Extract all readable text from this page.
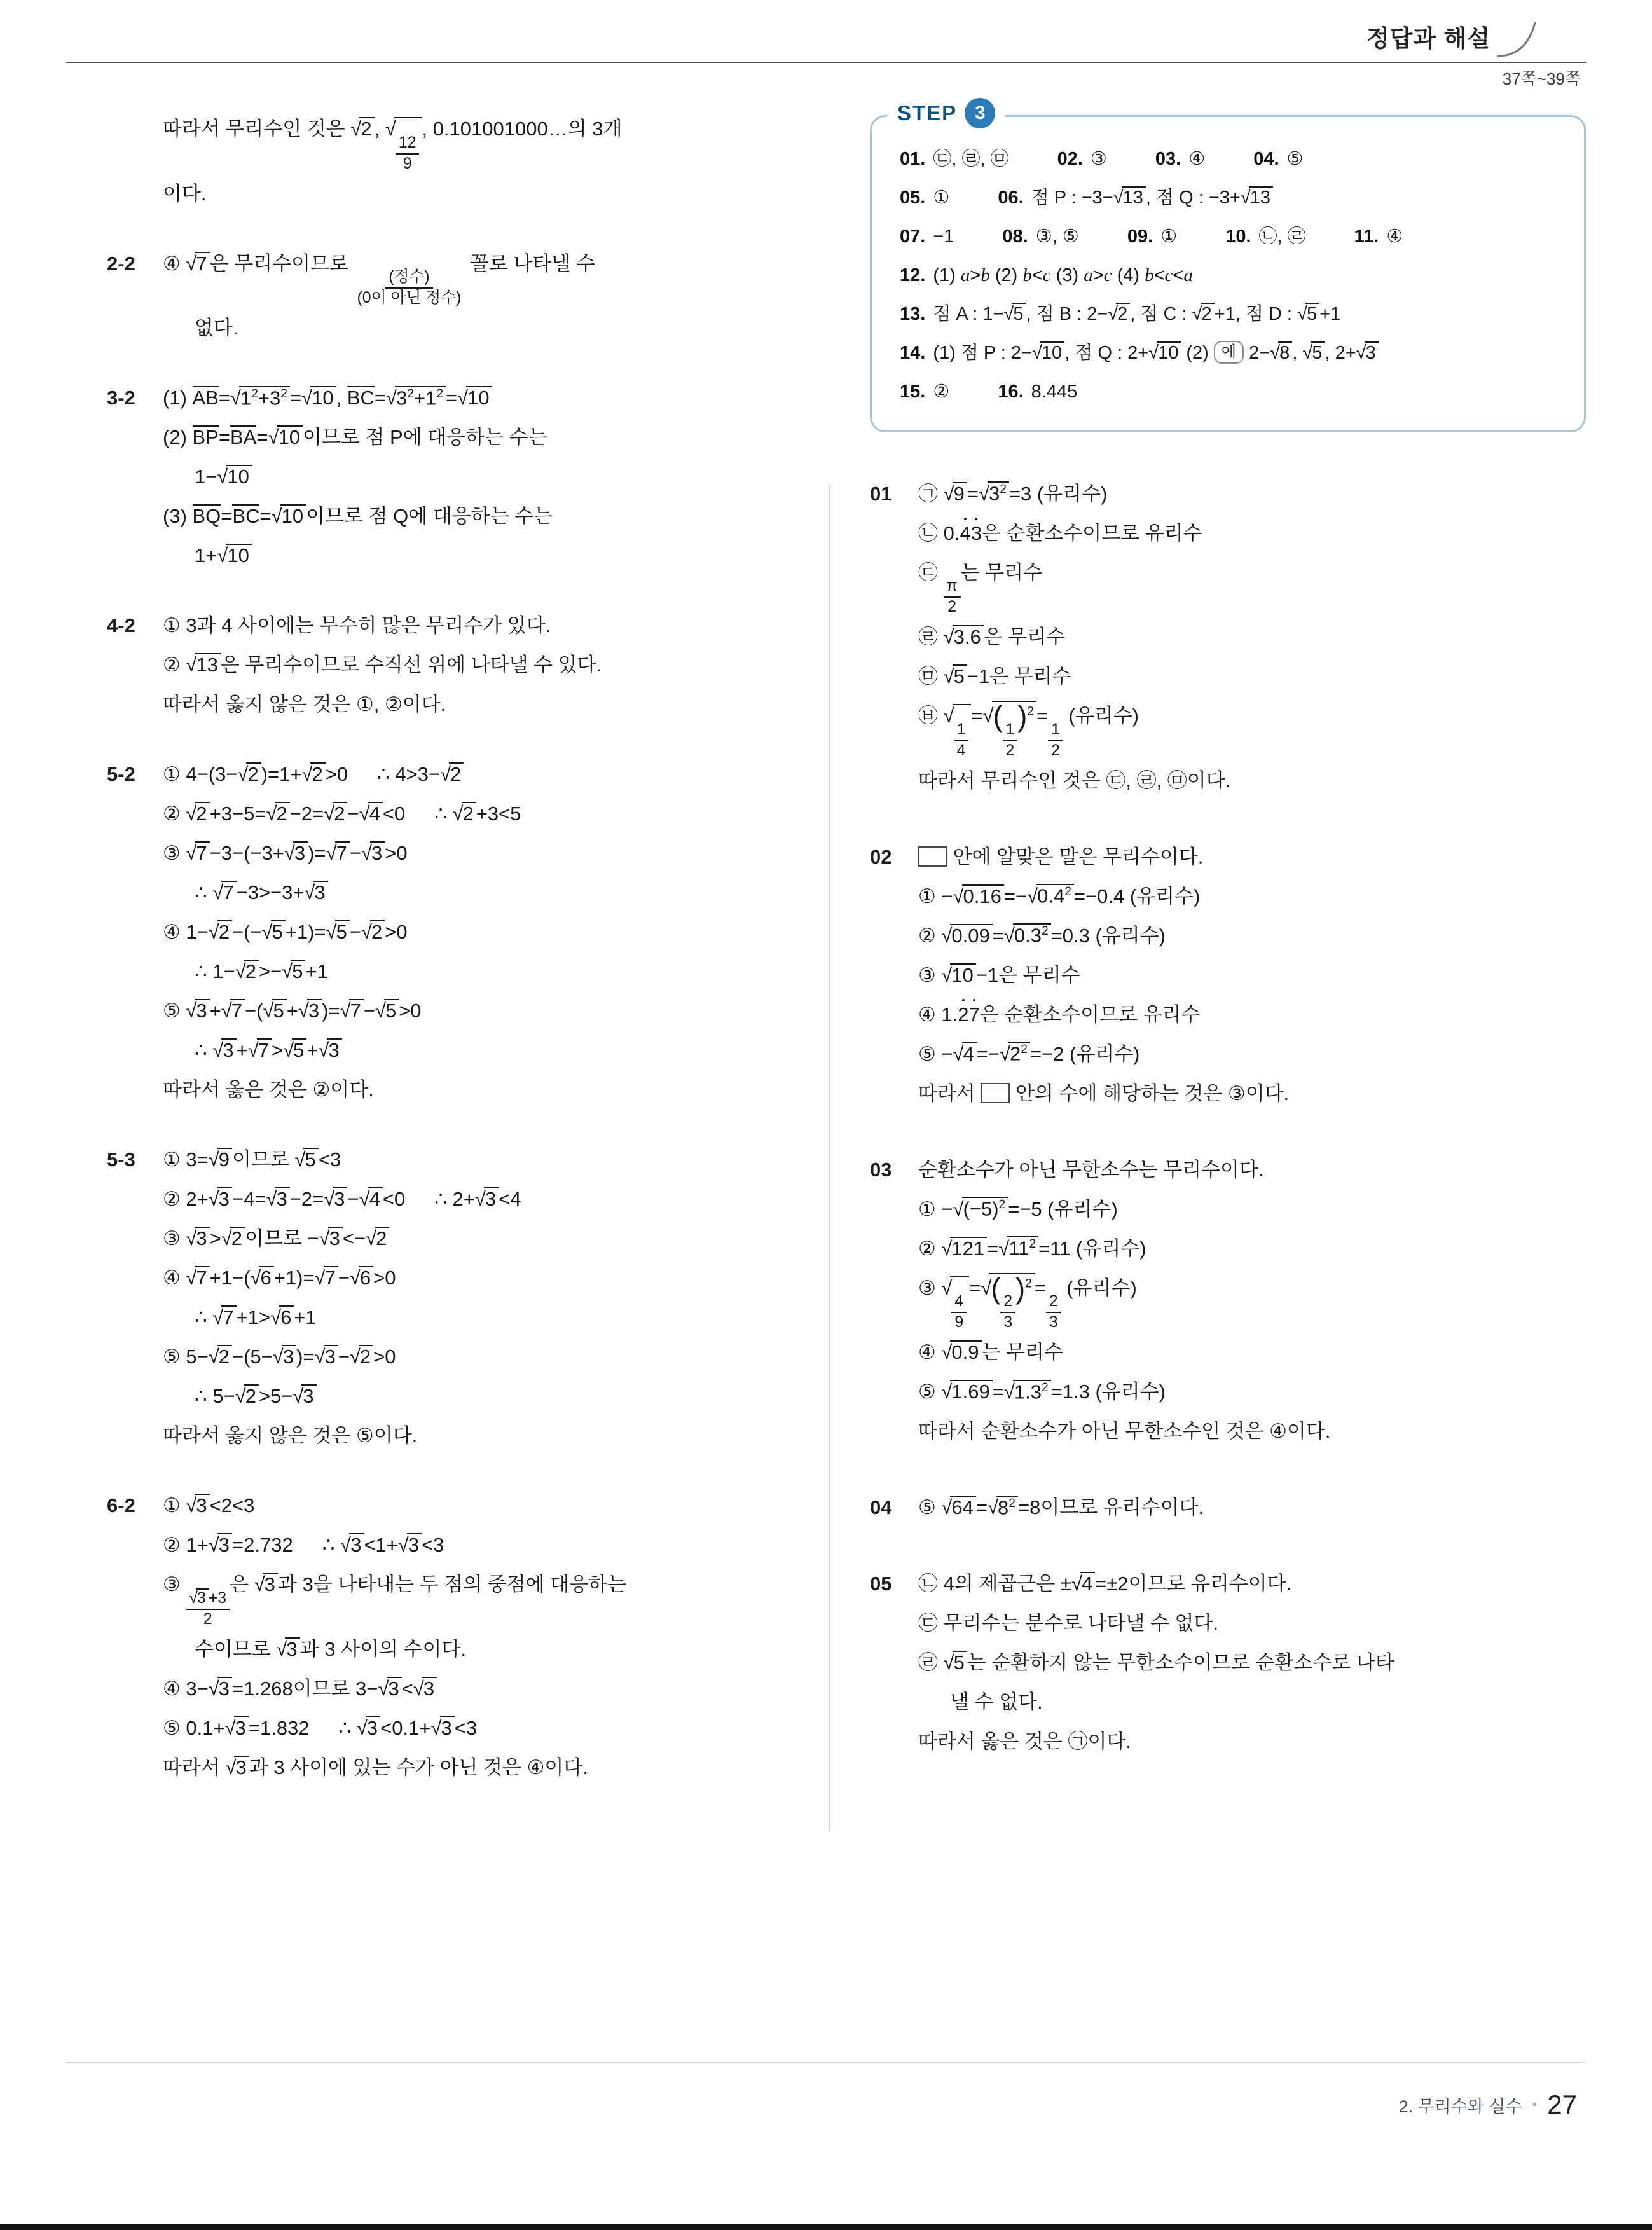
정답과 해설
따라서 무리수인 것은 √2 , √
$\frac{12}{9}$
, 0.101001000…의 3개
이다.
2-2	④ √7 은 무리수이므로
$\frac{\text{(정수)}}{\text{(0이 아닌 정수)}}$
꼴로 나타낼 수
없다.
3-2	(1) $AB=√1^2+3^2 =√10$ , $BC=√3^2+1^2 =√10$
(2) BP=BA=√10 이므로 점 P에 대응하는 수는
1−√10
(3) BQ=BC=√10 이므로 점 Q에 대응하는 수는
1+√10
4-2	① 3과 4 사이에는 무수히 많은 무리수가 있다.
② √13 은 무리수이므로 수직선 위에 나타낼 수 있다.
따라서 옳지 않은 것은 ①, ②이다.
5-2	① 4−(3−√2 )=1+√2 >0 ∴ 4>3−√2
② √2 +3−5=√2 −2=√2 −√4 <0 ∴ √2 +3<5
③ √7 −3−(−3+√3 )=√7 −√3 >0
∴ √7 −3>−3+√3
④ 1−√2 −(−√5 +1)=√5 −√2 >0
∴ 1−√2 >−√5 +1
⑤ √3 +√7 −(√5 +√3 )=√7 −√5 >0
∴ √3 +√7 >√5 +√3
따라서 옳은 것은 ②이다.
5-3	① 3=√9 이므로 √5 <3
② 2+√3 −4=√3 −2=√3 −√4 <0 ∴ 2+√3 <4
③ √3 >√2 이므로 −√3 <−√2
④ √7 +1−(√6 +1)=√7 −√6 >0
∴ √7 +1>√6 +1
⑤ 5−√2 −(5−√3 )=√3 −√2 >0
∴ 5−√2 >5−√3
따라서 옳지 않은 것은 ⑤이다.
6-2	① √3 <2<3
② 1+√3 =2.732 ∴ √3 <1+√3 <3
③
$\frac{√3 +3}{2}$
은 √3 과 3을 나타내는 두 점의 중점에 대응하는
수이므로 √3 과 3 사이의 수이다.
④ 3−√3 =1.268이므로 3−√3 <√3
⑤ 0.1+√3 =1.832 ∴ √3 <0.1+√3 <3
따라서 √3 과 3 사이에 있는 수가 아닌 것은 ④이다.
37쪽~39쪽
STEP 3
01. ㉢, ㉣, ㉤	02. ③	03. ④	04. ⑤
05. ①	06. 점 P : −3−√13 , 점 Q : −3+√13
07. −1	08. ③, ⑤	09. ①	10. ㉡, ㉣	11. ④
12. (1) a>b (2) b<c (3) a>c (4) b<c<a
13. 점 A : 1−√5 , 점 B : 2−√2 , 점 C : √2 +1, 점 D : √5 +1
14. (1) 점 P : 2−√10 , 점 Q : 2+√10 (2) 예 2−√8 , √5 , 2+√3
15. ②	16. 8.445
01	㉠ $√9 =√3^2 =3$ (유리수)
㉡ 0.43은 순환소수이므로 유리수
㉢
$\frac{\pi}{2}$
는 무리수
㉣ √3.6 은 무리수
㉤ √5 −1은 무리수
㉥ √
$\frac{1}{4}$
=√(
$\frac{1}{2}$
)$^2$ =
$\frac{1}{2}$
(유리수)
따라서 무리수인 것은 ㉢, ㉣, ㉤이다.
02	안에 알맞은 말은 무리수이다.
① $-√0.16 =-√0.4^2 =-0.4$ (유리수)
② $√0.09 =√0.3^2 =0.3$ (유리수)
③ √10 −1은 무리수
④ 1.27은 순환소수이므로 유리수
⑤ $-√4 =-√2^2 =-2$ (유리수)
따라서  안의 수에 해당하는 것은 ③이다.
03	순환소수가 아닌 무한소수는 무리수이다.
① $-√(-5)^2 =-5$ (유리수)
② $√121 =√11^2 =11$ (유리수)
③ √
$\frac{4}{9}$
=√(
$\frac{2}{3}$
)$^2$ =
$\frac{2}{3}$
(유리수)
④ √0.9 는 무리수
⑤ $√1.69 =√1.3^2 =1.3$ (유리수)
따라서 순환소수가 아닌 무한소수인 것은 ④이다.
04	⑤ $√64 =√8^2 =8$이므로 유리수이다.
05	㉡ 4의 제곱근은 ±√4 =±2이므로 유리수이다.
㉢ 무리수는 분수로 나타낼 수 없다.
㉣ √5 는 순환하지 않는 무한소수이므로 순환소수로 나타
낼 수 없다.
따라서 옳은 것은 ㉠이다.
2. 무리수와 실수 • 27
